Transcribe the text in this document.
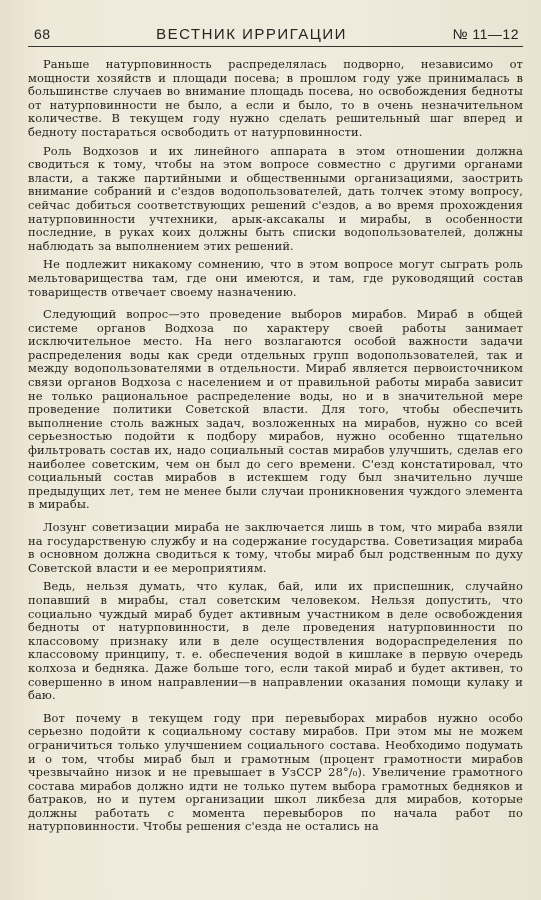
68	ВЕСТНИК ИРРИГАЦИИ	№ 11—12

Раньше натурповинность распределялась подворно, независимо от мощности хозяйств и площади посева; в прошлом году уже принималась в большинстве случаев во внимание площадь посева, но освобождения бедноты от натурповинности не было, а если и было, то в очень незначительном количестве. В текущем году нужно сделать решительный шаг вперед и бедноту постараться освободить от натурповинности.

Роль Водхозов и их линейного аппарата в этом отношении должна сводиться к тому, чтобы на этом вопросе совместно с другими органами власти, а также партийными и общественными организациями, заострить внимание собраний и с'ездов водопользователей, дать толчек этому вопросу, сейчас добиться соответствующих решений с'ездов, а во время прохождения натурповинности учтехники, арык-аксакалы и мирабы, в особенности последние, в руках коих должны быть списки водопользователей, должны наблюдать за выполнением этих решений.

Не подлежит никакому сомнению, что в этом вопросе могут сыграть роль мельтовариществa там, где они имеются, и там, где руководящий состав товариществ отвечает своему назначению.

Следующий вопрос—это проведение выборов мирабов. Мираб в общей системе органов Водхоза по характеру своей работы занимает исключительное место. На него возлагаются особой важности задачи распределения воды как среди отдельных групп водопользователей, так и между водопользователями в отдельности. Мираб является первоисточником связи органов Водхоза с населением и от правильной работы мираба зависит не только рациональное распределение воды, но и в значительной мере проведение политики Советской власти. Для того, чтобы обеспечить выполнение столь важных задач, возложенных на мирабов, нужно со всей серьезностью подойти к подбору мирабов, нужно особенно тщательно фильтровать состав их, надо социальный состав мирабов улучшить, сделав его наиболее советским, чем он был до сего времени. С'езд констатировал, что социальный состав мирабов в истекшем году был значительно лучше предыдущих лет, тем не менее были случаи проникновения чуждого элемента в мирабы.

Лозунг советизации мираба не заключается лишь в том, что мираба взяли на государственую службу и на содержание государства. Советизация мираба в основном должна сводиться к тому, чтобы мираб был родственным по духу Советской власти и ее мероприятиям.

Ведь, нельзя думать, что кулак, бай, или их приспешник, случайно попавший в мирабы, стал советским человеком. Нельзя допустить, что социально чуждый мираб будет активным участником в деле освобождения бедноты от натурповинности, в деле проведения натурповинности по классовому признаку или в деле осуществления водораспределения по классовому принципу, т. е. обеспечения водой в кишлаке в первую очередь колхоза и бедняка. Даже больше того, если такой мираб и будет активен, то совершенно в ином направлении—в направлении оказания помощи кулаку и баю.

Вот почему в текущем году при перевыборах мирабов нужно особо серьезно подойти к социальному составу мирабов. При этом мы не можем ограничиться только улучшением социального состава. Необходимо подумать и о том, чтобы мираб был и грамотным (процент грамотности мирабов чрезвычайно низок и не превышает в УзССР 28°/₀). Увеличение грамотного состава мирабов должно идти не только путем выбора грамотных бедняков и батраков, но и путем организации школ ликбеза для мирабов, которые должны работать с момента перевыборов по начала работ по натурповинности. Чтобы решения с'езда не остались на
